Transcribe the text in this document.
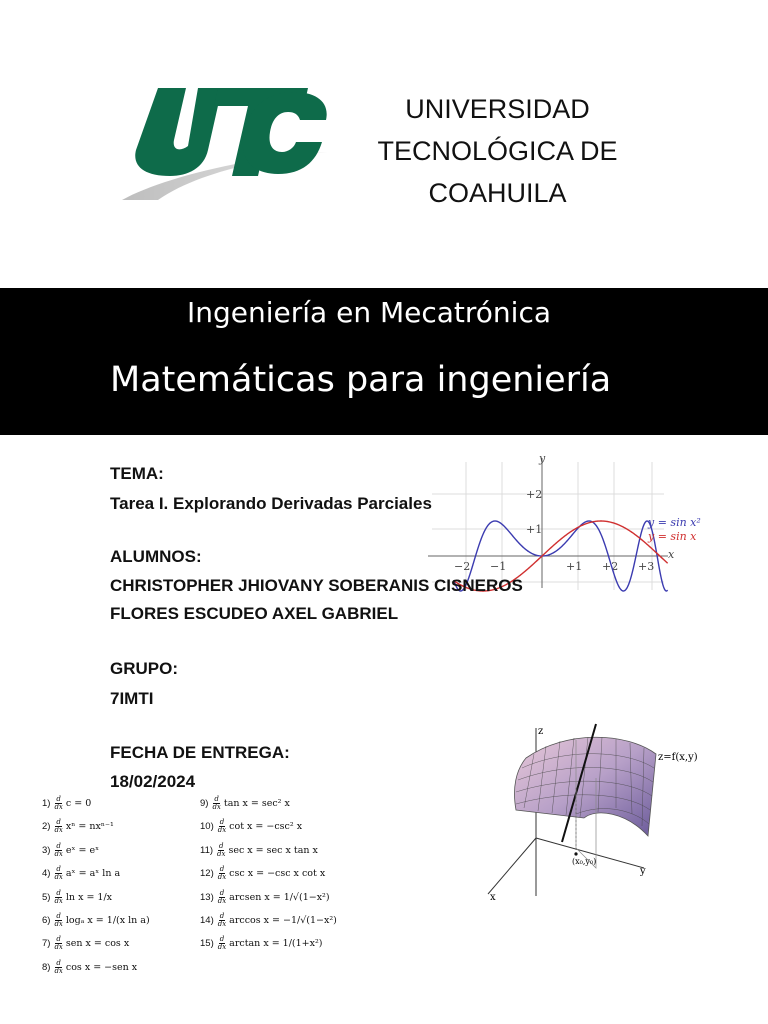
UNIVERSIDAD
TECNOLÓGICA DE
COAHUILA
Ingeniería en Mecatrónica
Matemáticas para ingeniería
y
x
+2
+1
−2 −1	+1 +2 +3
y = sin x²
y = sin x
TEMA:
Tarea I. Explorando Derivadas Parciales
ALUMNOS:
CHRISTOPHER JHIOVANY SOBERANIS CISNEROS
FLORES ESCUDEO AXEL GABRIEL
GRUPO:
7IMTI
FECHA DE ENTREGA:
18/02/2024
z
x
y
z=f(x,y)
(x₀,y₀)
1) d
dx c = 0
2) d
dx xⁿ = nxⁿ⁻¹
3) d
dx eˣ = eˣ
4) d
dx aˣ = aˣ ln a
5) d
dx ln x = 1/x
6) d
dx logₐ x = 1/(x ln a)
7) d
dx sen x = cos x
8) d
dx cos x = −sen x
9) d
dx tan x = sec² x
10) d
dx cot x = −csc² x
11) d
dx sec x = sec x tan x
12) d
dx csc x = −csc x cot x
13) d
dx arcsen x = 1/√(1−x²)
14) d
dx arccos x = −1/√(1−x²)
15) d
dx arctan x = 1/(1+x²)
